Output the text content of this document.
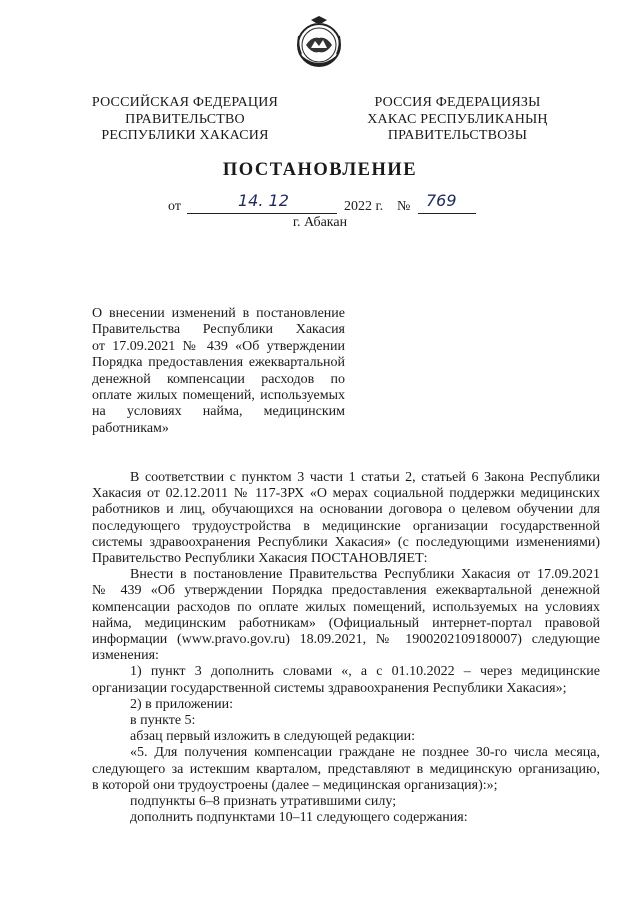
РОССИЙСКАЯ ФЕДЕРАЦИЯ
ПРАВИТЕЛЬСТВО
РЕСПУБЛИКИ ХАКАСИЯ
РОССИЯ ФЕДЕРАЦИЯЗЫ
ХАКАС РЕСПУБЛИКАНЫҢ
ПРАВИТЕЛЬСТВОЗЫ
ПОСТАНОВЛЕНИЕ
от	14. 12	2022 г. № 769
г. Абакан
О внесении изменений в постановление
Правительства Республики Хакасия
от 17.09.2021 № 439 «Об утверждении
Порядка предоставления ежеквартальной
денежной компенсации расходов по
оплате жилых помещений, используемых
на условиях найма, медицинским
работникам»
В соответствии с пунктом 3 части 1 статьи 2, статьей 6 Закона Республики
Хакасия от 02.12.2011 № 117-ЗРХ «О мерах социальной поддержки медицинских
работников и лиц, обучающихся на основании договора о целевом обучении для
последующего трудоустройства в медицинские организации государственной
системы здравоохранения Республики Хакасия» (с последующими изменениями)
Правительство Республики Хакасия ПОСТАНОВЛЯЕТ:
Внести в постановление Правительства Республики Хакасия от 17.09.2021
№ 439 «Об утверждении Порядка предоставления ежеквартальной денежной
компенсации расходов по оплате жилых помещений, используемых на условиях
найма, медицинским работникам» (Официальный интернет-портал правовой
информации (www.pravo.gov.ru) 18.09.2021, № 1900202109180007) следующие
изменения:
1) пункт 3 дополнить словами «, а с 01.10.2022 – через медицинские
организации государственной системы здравоохранения Республики Хакасия»;
2) в приложении:
в пункте 5:
абзац первый изложить в следующей редакции:
«5. Для получения компенсации граждане не позднее 30-го числа месяца,
следующего за истекшим кварталом, представляют в медицинскую организацию,
в которой они трудоустроены (далее – медицинская организация):»;
подпункты 6–8 признать утратившими силу;
дополнить подпунктами 10–11 следующего содержания:
